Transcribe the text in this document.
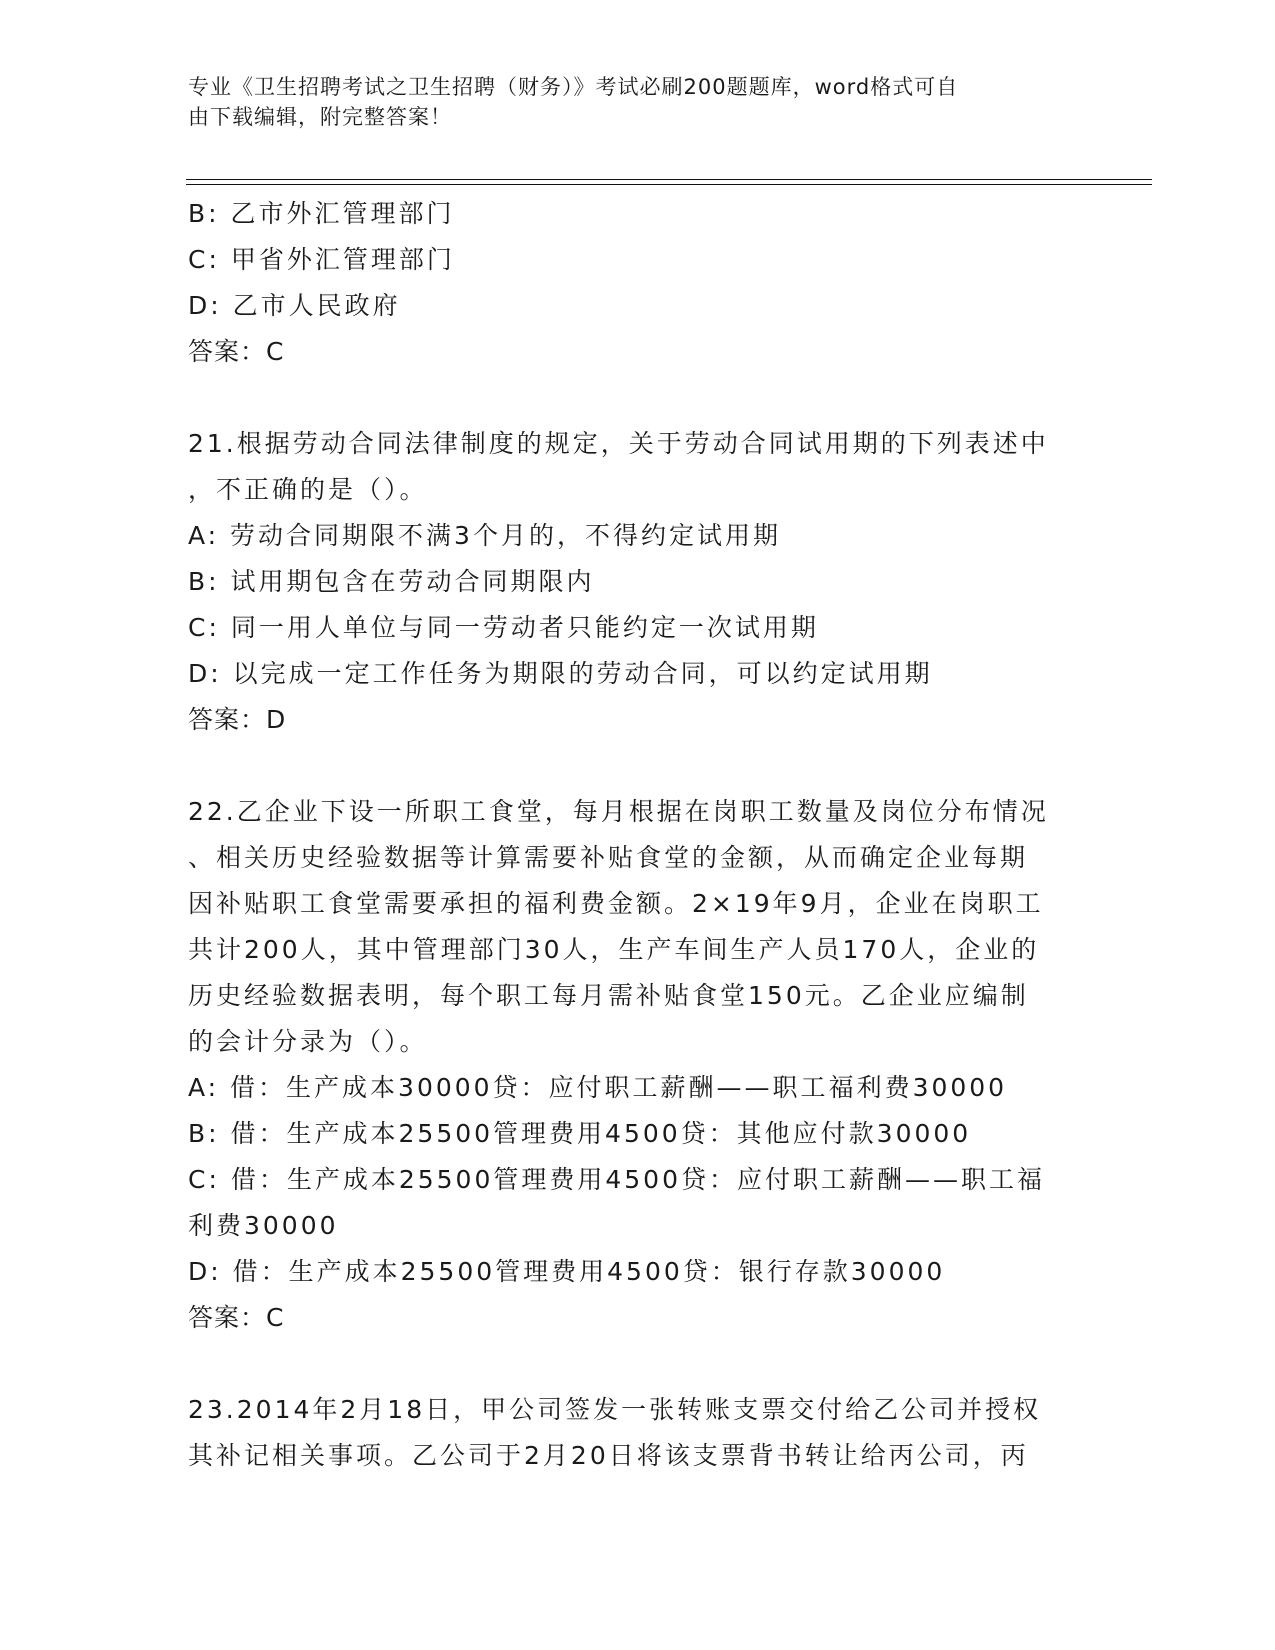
专业《卫生招聘考试之卫生招聘（财务）》考试必刷200题题库，word格式可自
由下载编辑，附完整答案！
B: 乙市外汇管理部门
C: 甲省外汇管理部门
D: 乙市人民政府
答案：C
21.根据劳动合同法律制度的规定，关于劳动合同试用期的下列表述中
，不正确的是（）。
A: 劳动合同期限不满3个月的，不得约定试用期
B: 试用期包含在劳动合同期限内
C: 同一用人单位与同一劳动者只能约定一次试用期
D: 以完成一定工作任务为期限的劳动合同，可以约定试用期
答案：D
22.乙企业下设一所职工食堂，每月根据在岗职工数量及岗位分布情况
、相关历史经验数据等计算需要补贴食堂的金额，从而确定企业每期
因补贴职工食堂需要承担的福利费金额。2×19年9月，企业在岗职工
共计200人，其中管理部门30人，生产车间生产人员170人，企业的
历史经验数据表明，每个职工每月需补贴食堂150元。乙企业应编制
的会计分录为（）。
A: 借：生产成本30000贷：应付职工薪酬——职工福利费30000
B: 借：生产成本25500管理费用4500贷：其他应付款30000
C: 借：生产成本25500管理费用4500贷：应付职工薪酬——职工福
利费30000
D: 借：生产成本25500管理费用4500贷：银行存款30000
答案：C
23.2014年2月18日，甲公司签发一张转账支票交付给乙公司并授权
其补记相关事项。乙公司于2月20日将该支票背书转让给丙公司，丙
